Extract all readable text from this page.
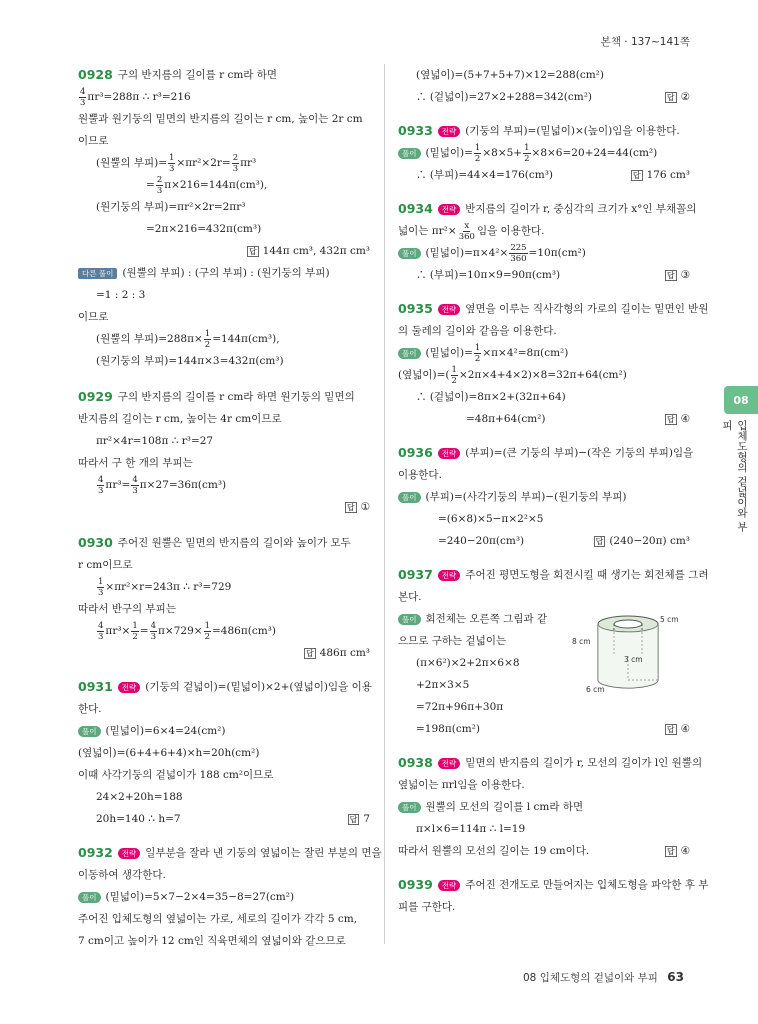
본책 · 137~141쪽
0928 구의 반지름의 길이를 r cm라 하면
$\frac{4}{3} \pi r^3=288\pi$ ∴ r³=216
원뿔과 원기둥의 밑면의 반지름의 길이는 r cm, 높이는 2r cm
이므로
(원뿔의 부피)= $\frac{1}{3} \times\pi r^2\times 2r= \frac{2}{3} \pi r^3$
= $\frac{2}{3} \pi\times 216=144\pi(cm^3)$,
(원기둥의 부피)=πr²×2r=2πr³
=2π×216=432π(cm³)
답 144π cm³, 432π cm³
다른 풀이 (원뿔의 부피) : (구의 부피) : (원기둥의 부피)
=1 : 2 : 3
이므로
(원뿔의 부피)$=288\pi\times \frac{1}{2} =144\pi(cm^3)$,
(원기둥의 부피)=144π×3=432π(cm³)
0929 구의 반지름의 길이를 r cm라 하면 원기둥의 밑면의
반지름의 길이는 r cm, 높이는 4r cm이므로
πr²×4r=108π ∴ r³=27
따라서 구 한 개의 부피는
$\frac{4}{3} \pi r^3= \frac{4}{3} \pi\times 27=36\pi(cm^3)$
답 ①
0930 주어진 원뿔은 밑면의 반지름의 길이와 높이가 모두
r cm이므로
$\frac{1}{3} \times\pi r^2\times r=243\pi$ ∴ r³=729
따라서 반구의 부피는
$\frac{4}{3} \pi r^3\times \frac{1}{2} = \frac{4}{3} \pi\times 729\times \frac{1}{2} =486\pi(cm^3)$
답 486π cm³
0931	전략 (기둥의 겉넓이)=(밑넓이)×2+(옆넓이)임을 이용
한다.
풀이 (밑넓이)=6×4=24(cm²)
(옆넓이)=(6+4+6+4)×h=20h(cm²)
이때 사각기둥의 겉넓이가 188 cm²이므로
24×2+20h=188
20h=140 ∴ h=7	답 7
0932	전략 일부분을 잘라 낸 기둥의 옆넓이는 잘린 부분의 면을
이동하여 생각한다.
풀이 (밑넓이)=5×7−2×4=35−8=27(cm²)
주어진 입체도형의 옆넓이는 가로, 세로의 길이가 각각 5 cm,
7 cm이고 높이가 12 cm인 직육면체의 옆넓이와 같으므로
(옆넓이)=(5+7+5+7)×12=288(cm²)
∴ (겉넓이)=27×2+288=342(cm²)	답 ②
0933	전략 (기둥의 부피)=(밑넓이)×(높이)임을 이용한다.
풀이 (밑넓이)= $\frac{1}{2} \times 8\times 5+ \frac{1}{2} \times 8\times 6=20+24=44(cm^2)$
∴ (부피)=44×4=176(cm³)	답 176 cm³
0934	전략 반지름의 길이가 r, 중심각의 크기가 x°인 부채꼴의
넓이는 $\pi r^2\times \frac{x}{360}$ 임을 이용한다.
풀이 (밑넓이)$=\pi\times 4^2\times \frac{225}{360} =10\pi(cm^2)$
∴ (부피)=10π×9=90π(cm³)	답 ③
0935	전략 옆면을 이루는 직사각형의 가로의 길이는 밑면인 반원
의 둘레의 길이와 같음을 이용한다.
풀이 (밑넓이)= $\frac{1}{2} \times\pi\times 4^2=8\pi(cm^2)$
(옆넓이)=( $\frac{1}{2} \times 2\pi\times 4+4\times 2)\times 8=32\pi+64(cm^2)$
∴ (겉넓이)=8π×2+(32π+64)
=48π+64(cm²)	답 ④
0936	전략 (부피)=(큰 기둥의 부피)−(작은 기둥의 부피)임을
이용한다.
풀이 (부피)=(사각기둥의 부피)−(원기둥의 부피)
=(6×8)×5−π×2²×5
=240−20π(cm³)	답 (240−20π) cm³
0937	전략 주어진 평면도형을 회전시킬 때 생기는 회전체를 그려
본다.
풀이 회전체는 오른쪽 그림과 같
으므로 구하는 겉넓이는
(π×6²)×2+2π×6×8
+2π×3×5
=72π+96π+30π
=198π(cm²)	답 ④
5 cm
8 cm
3 cm
6 cm
0938	전략 밑면의 반지름의 길이가 r, 모선의 길이가 l인 원뿔의
옆넓이는 πrl임을 이용한다.
풀이 원뿔의 모선의 길이를 l cm라 하면
π×l×6=114π ∴ l=19
따라서 원뿔의 모선의 길이는 19 cm이다.	답 ④
0939	전략 주어진 전개도로 만들어지는 입체도형을 파악한 후 부
피를 구한다.
08
입체도형의 겉넓이와 부피
08 입체도형의 겉넓이와 부피 63
